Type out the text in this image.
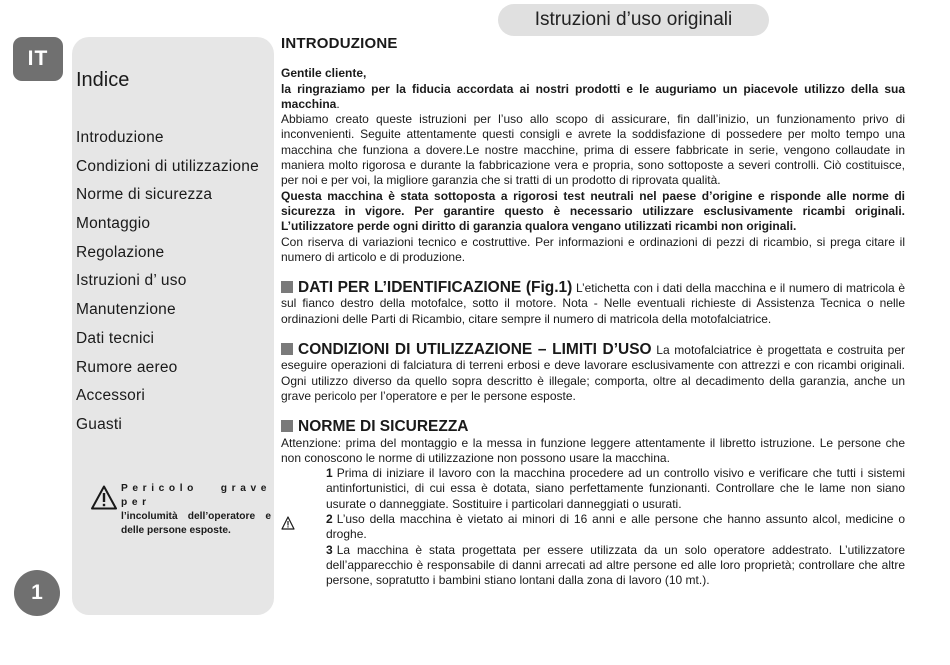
Istruzioni d’uso originali
IT
1
Indice
Introduzione
Condizioni di utilizzazione
Norme di sicurezza
Montaggio
Regolazione
Istruzioni d’ uso
Manutenzione
Dati tecnici
Rumore aereo
Accessori
Guasti
Pericolo grave per
l’incolumità dell’operatore e delle persone esposte.
INTRODUZIONE

Gentile cliente,

la ringraziamo per la fiducia accordata ai nostri prodotti e le auguriamo un piacevole utilizzo della sua macchina.

Abbiamo creato queste istruzioni per l’uso allo scopo di assicurare, fin dall’inizio, un funzionamento privo di inconvenienti. Seguite attentamente questi consigli e avrete la soddisfazione di possedere per molto tempo una macchina che funziona a dovere.Le nostre macchine, prima di essere fabbricate in serie, vengono collaudate in maniera molto rigorosa e durante la fabbricazione vera e propria, sono sottoposte a severi controlli. Ciò costituisce, per noi e per voi, la migliore garanzia che si tratti di un prodotto di riprovata qualità.

Questa macchina è stata sottoposta a rigorosi test neutrali nel paese d’origine e risponde alle norme di sicurezza in vigore. Per garantire questo è necessario utilizzare esclusivamente ricambi originali. L’utilizzatore perde ogni diritto di garanzia qualora vengano utilizzati ricambi non originali.

Con riserva di variazioni tecnico e costruttive. Per informazioni e ordinazioni di pezzi di ricambio, si prega citare il numero di articolo e di produzione.

DATI PER L’IDENTIFICAZIONE (Fig.1) L’etichetta con i dati della macchina e il numero di matricola è sul fianco destro della motofalce, sotto il motore. Nota - Nelle eventuali richieste di Assistenza Tecnica o nelle ordinazioni delle Parti di Ricambio, citare sempre il numero di matricola della motofalciatrice.
CONDIZIONI DI UTILIZZAZIONE – LIMITI D’USO La motofalciatrice è progettata e costruita per eseguire operazioni di falciatura di terreni erbosi e deve lavorare esclusivamente con attrezzi e con ricambi originali. Ogni utilizzo diverso da quello sopra descritto è illegale; comporta, oltre al decadimento della garanzia, anche un grave pericolo per l’operatore e per le persone esposte.
NORME DI SICUREZZA

Attenzione: prima del montaggio e la messa in funzione leggere attentamente il libretto istruzione. Le persone che non conoscono le norme di utilizzazione non possono usare la macchina.

1 Prima di iniziare il lavoro con la macchina procedere ad un controllo visivo e verificare che tutti i sistemi antinfortunistici, di cui essa è dotata, siano perfettamente funzionanti. Controllare che le lame non siano usurate o danneggiate. Sostituire i particolari danneggiati o usurati.
2 L’uso della macchina è vietato ai minori di 16 anni e alle persone che hanno assunto alcol, medicine o droghe.
3 La macchina è stata progettata per essere utilizzata da un solo operatore addestrato. L’utilizzatore dell’apparecchio è responsabile di danni arrecati ad altre persone ed alle loro proprietà; controllare che altre persone, sopratutto i bambini stiano lontani dalla zona di lavoro (10 mt.).
